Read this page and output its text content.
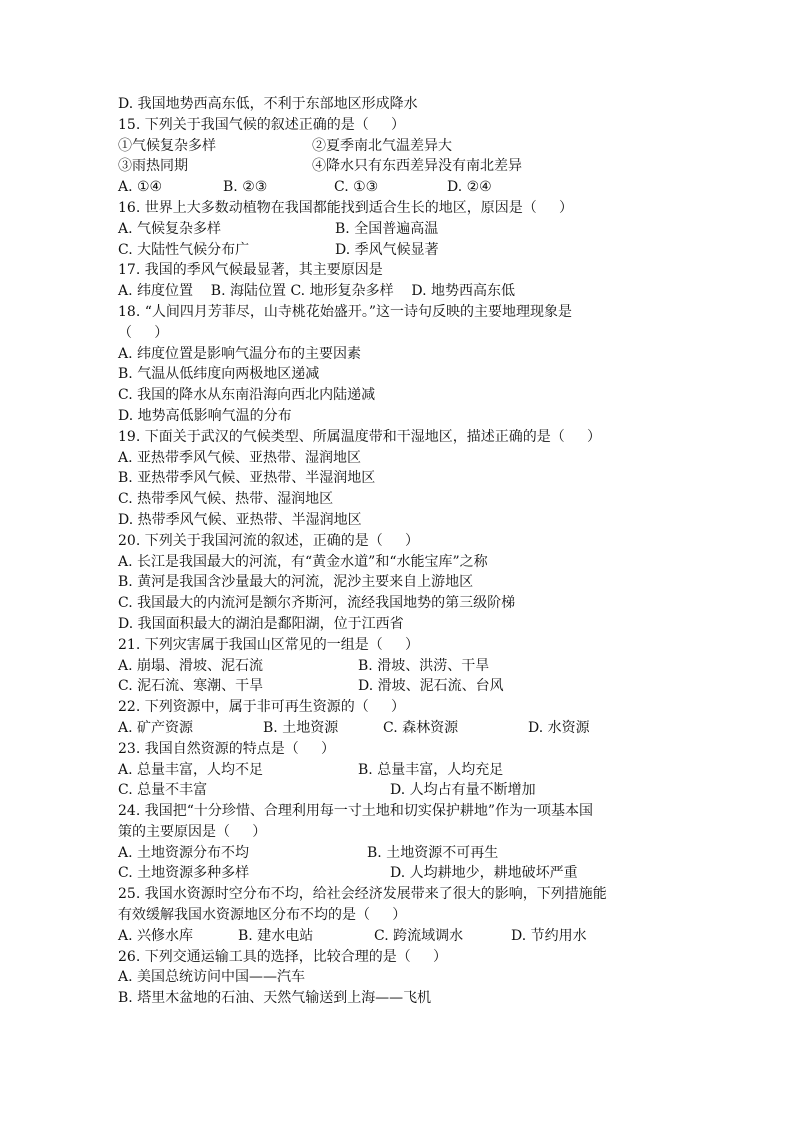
D. 我国地势西高东低，不利于东部地区形成降水
15. 下列关于我国气候的叙述正确的是（     ）
①气候复杂多样	②夏季南北气温差异大
③雨热同期	④降水只有东西差异没有南北差异
A. ①④	B. ②③	C. ①③	D. ②④
16. 世界上大多数动植物在我国都能找到适合生长的地区，原因是（     ）
A. 气候复杂多样	B. 全国普遍高温
C. 大陆性气候分布广	D. 季风气候显著
17. 我国的季风气候最显著，其主要原因是
A. 纬度位置    B. 海陆位置 C. 地形复杂多样    D. 地势西高东低
18. “人间四月芳菲尽，山寺桃花始盛开。”这一诗句反映的主要地理现象是
（     ）
A. 纬度位置是影响气温分布的主要因素
B. 气温从低纬度向两极地区递减
C. 我国的降水从东南沿海向西北内陆递减
D. 地势高低影响气温的分布
19. 下面关于武汉的气候类型、所属温度带和干湿地区，描述正确的是（     ）
A. 亚热带季风气候、亚热带、湿润地区
B. 亚热带季风气候、亚热带、半湿润地区
C. 热带季风气候、热带、湿润地区
D. 热带季风气候、亚热带、半湿润地区
20. 下列关于我国河流的叙述，正确的是（     ）
A. 长江是我国最大的河流，有“黄金水道”和“水能宝库”之称
B. 黄河是我国含沙量最大的河流，泥沙主要来自上游地区
C. 我国最大的内流河是额尔齐斯河，流经我国地势的第三级阶梯
D. 我国面积最大的湖泊是鄱阳湖，位于江西省
21. 下列灾害属于我国山区常见的一组是（     ）
A. 崩塌、滑坡、泥石流	B. 滑坡、洪涝、干旱
C. 泥石流、寒潮、干旱	D. 滑坡、泥石流、台风
22. 下列资源中，属于非可再生资源的（     ）
A. 矿产资源	B. 土地资源	C. 森林资源	D. 水资源
23. 我国自然资源的特点是（     ）
A. 总量丰富，人均不足	B. 总量丰富，人均充足
C. 总量不丰富	D. 人均占有量不断增加
24. 我国把“十分珍惜、合理利用每一寸土地和切实保护耕地”作为一项基本国
策的主要原因是（     ）
A. 土地资源分布不均	B. 土地资源不可再生
C. 土地资源多种多样	D. 人均耕地少，耕地破坏严重
25. 我国水资源时空分布不均，给社会经济发展带来了很大的影响，下列措施能
有效缓解我国水资源地区分布不均的是（     ）
A. 兴修水库	B. 建水电站	C. 跨流域调水	D. 节约用水
26. 下列交通运输工具的选择，比较合理的是（     ）
A. 美国总统访问中国——汽车
B. 塔里木盆地的石油、天然气输送到上海——飞机
